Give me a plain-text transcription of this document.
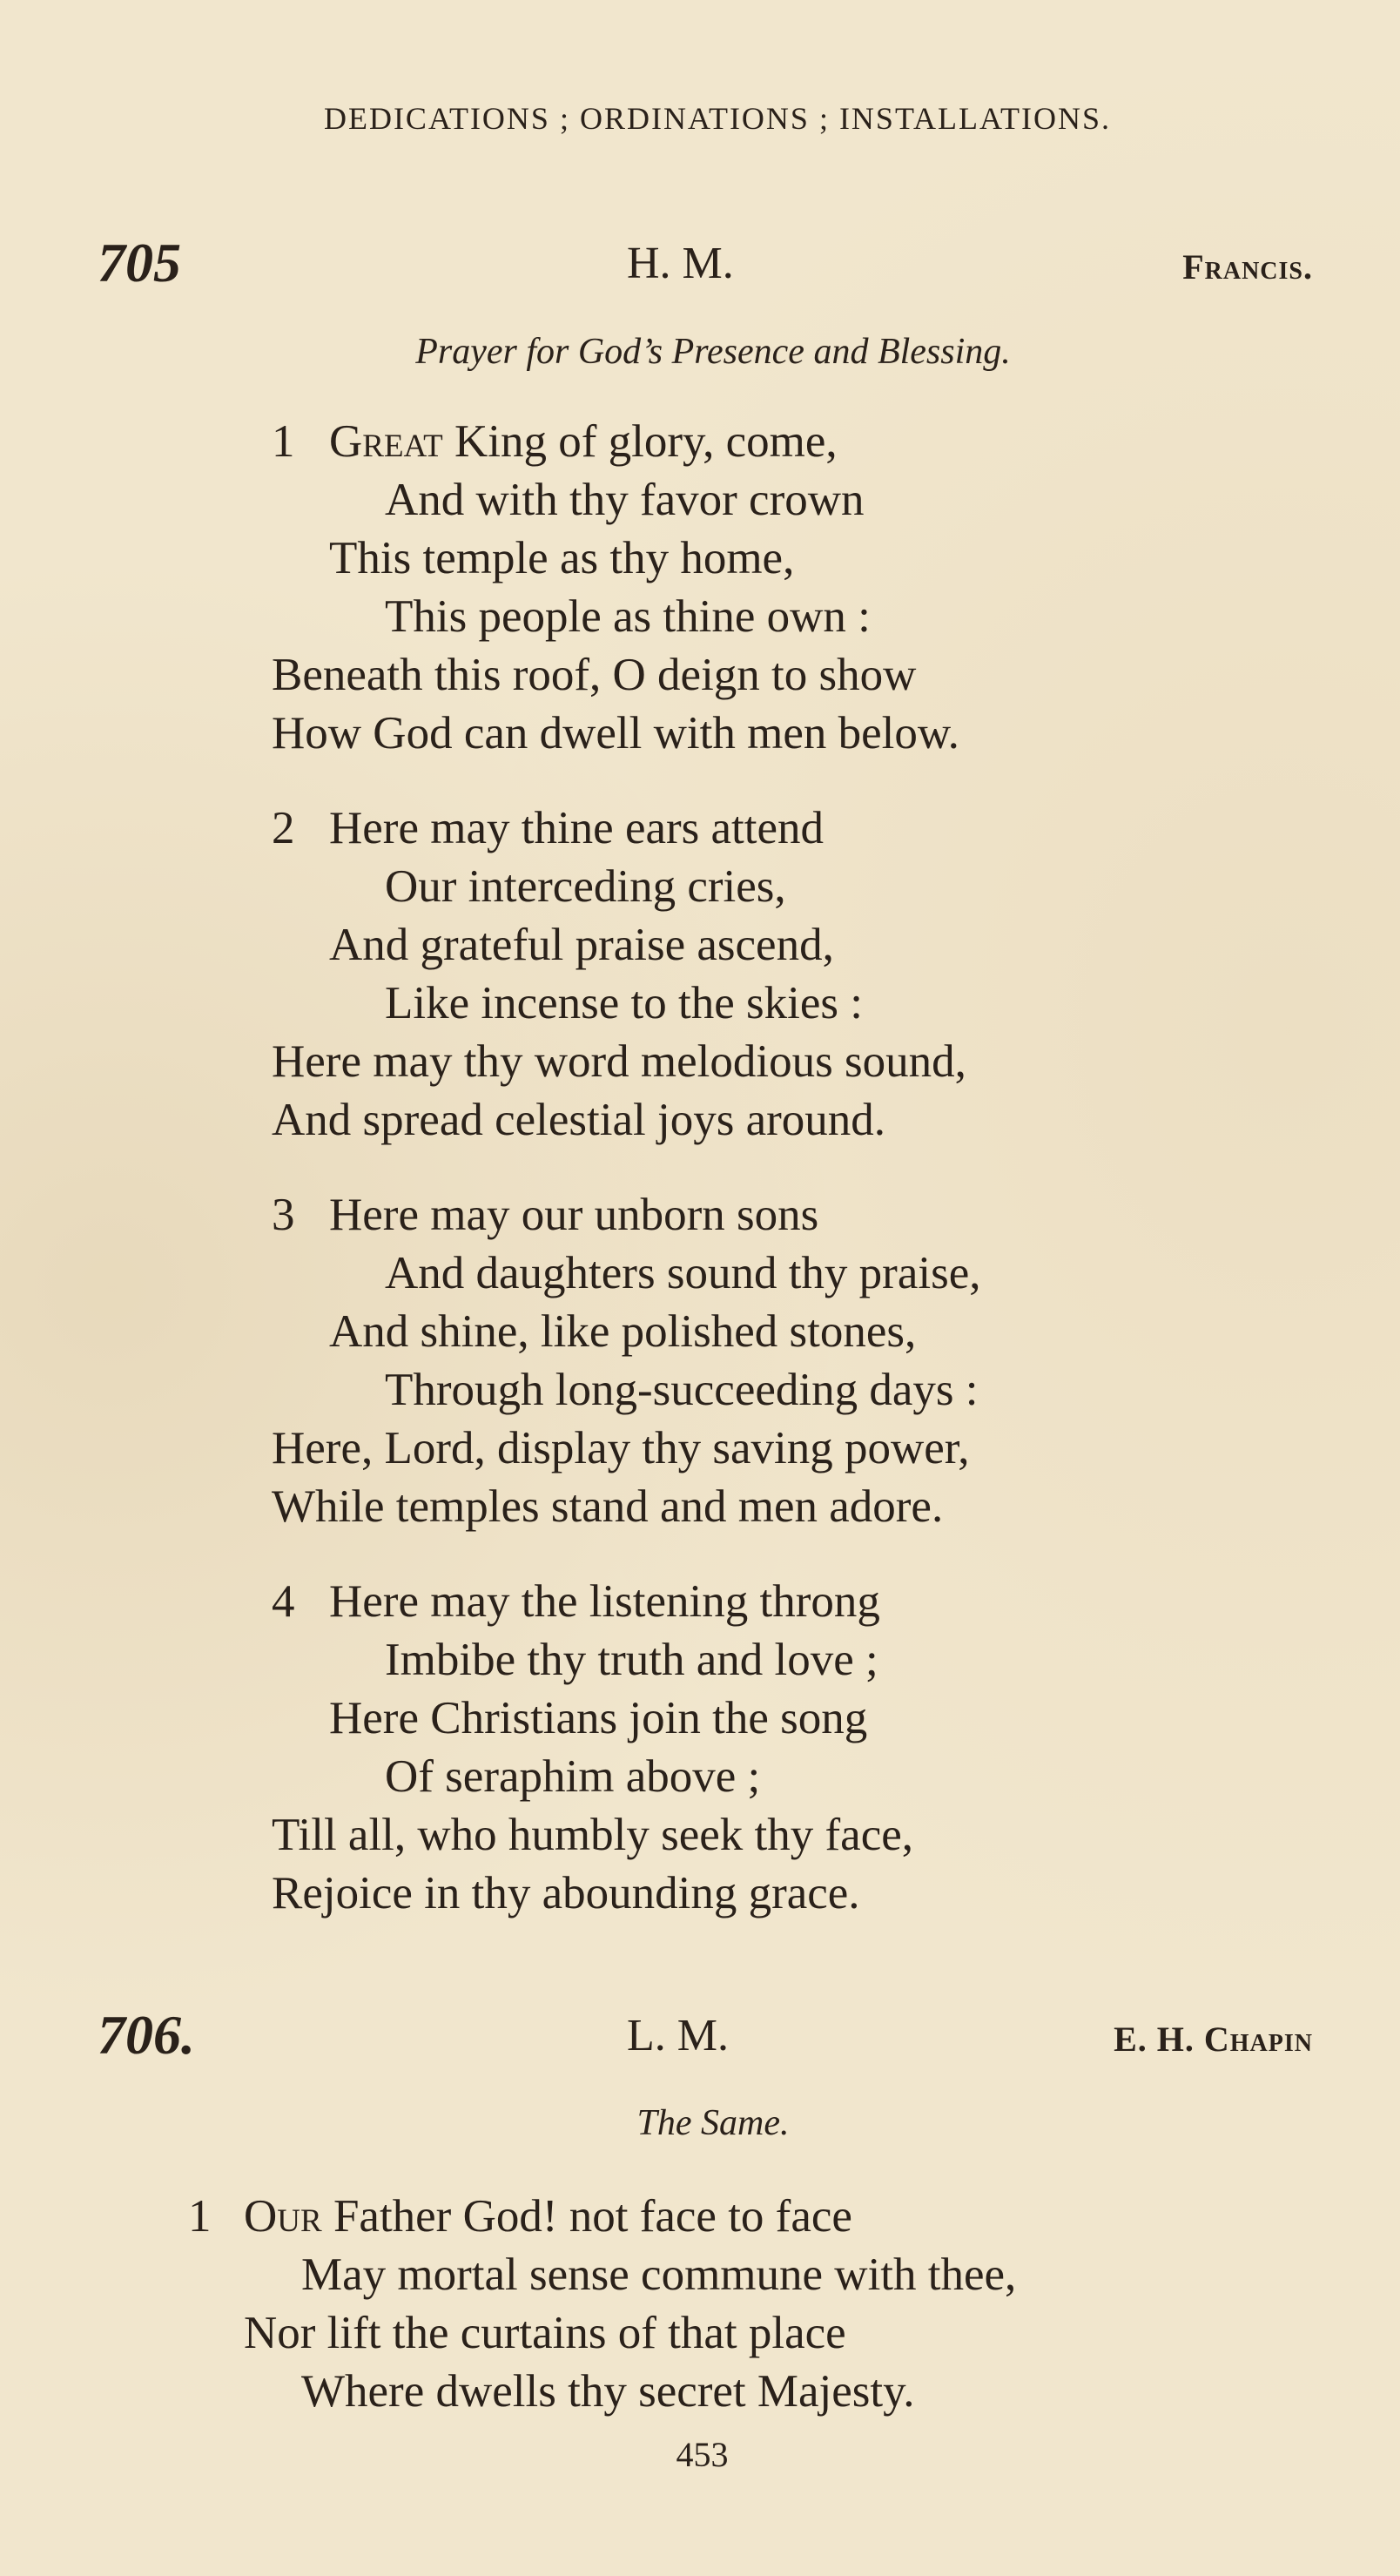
DEDICATIONS ; ORDINATIONS ; INSTALLATIONS.
705	H. M.	Francis.
Prayer for God’s Presence and Blessing.
1 Great King of glory, come,
And with thy favor crown
This temple as thy home,
This people as thine own :
Beneath this roof, O deign to show
How God can dwell with men below.
2 Here may thine ears attend
Our interceding cries,
And grateful praise ascend,
Like incense to the skies :
Here may thy word melodious sound,
And spread celestial joys around.
3 Here may our unborn sons
And daughters sound thy praise,
And shine, like polished stones,
Through long-succeeding days :
Here, Lord, display thy saving power,
While temples stand and men adore.
4 Here may the listening throng
Imbibe thy truth and love ;
Here Christians join the song
Of seraphim above ;
Till all, who humbly seek thy face,
Rejoice in thy abounding grace.
706.	L. M.	E. H. Chapin
The Same.
1 Our Father God! not face to face
May mortal sense commune with thee,
Nor lift the curtains of that place
Where dwells thy secret Majesty.
453
